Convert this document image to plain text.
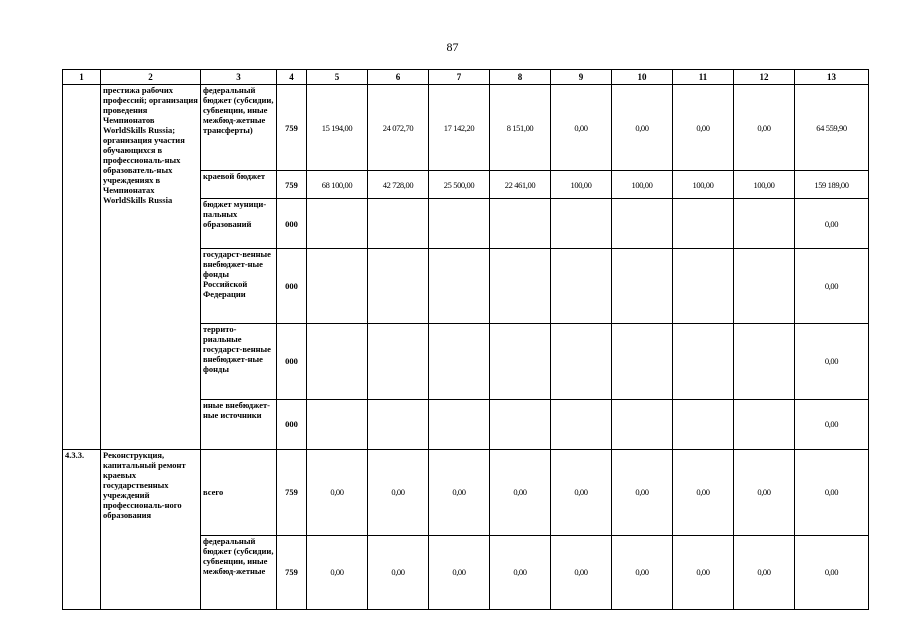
87
1	2	3	4	5	6	7	8	9	10	11	12	13
	престижа рабочих профессий; организация проведения Чемпионатов WorldSkills Russia; организация участия обучающихся в профессиональ-ных образователь-ных учреждениях в Чемпионатах WorldSkills Russia	федеральный бюджет (субсидии, субвенции, иные межбюд-жетные трансферты)	759	15 194,00	24 072,70	17 142,20	8 151,00	0,00	0,00	0,00	0,00	64 559,90
		краевой бюджет	759	68 100,00	42 728,00	25 500,00	22 461,00	100,00	100,00	100,00	100,00	159 189,00
		бюджет муници-пальных образований	000									0,00
		государст-венные внебюджет-ные фонды Российской Федерации	000									0,00
		террито-риальные государст-венные внебюджет-ные фонды	000									0,00
		иные внебюджет-ные источники	000									0,00
4.3.3.	Реконструкция, капитальный ремонт краевых государственных учреждений профессиональ-ного образования	всего	759	0,00	0,00	0,00	0,00	0,00	0,00	0,00	0,00	0,00
		федеральный бюджет (субсидии, субвенции, иные межбюд-жетные	759	0,00	0,00	0,00	0,00	0,00	0,00	0,00	0,00	0,00
